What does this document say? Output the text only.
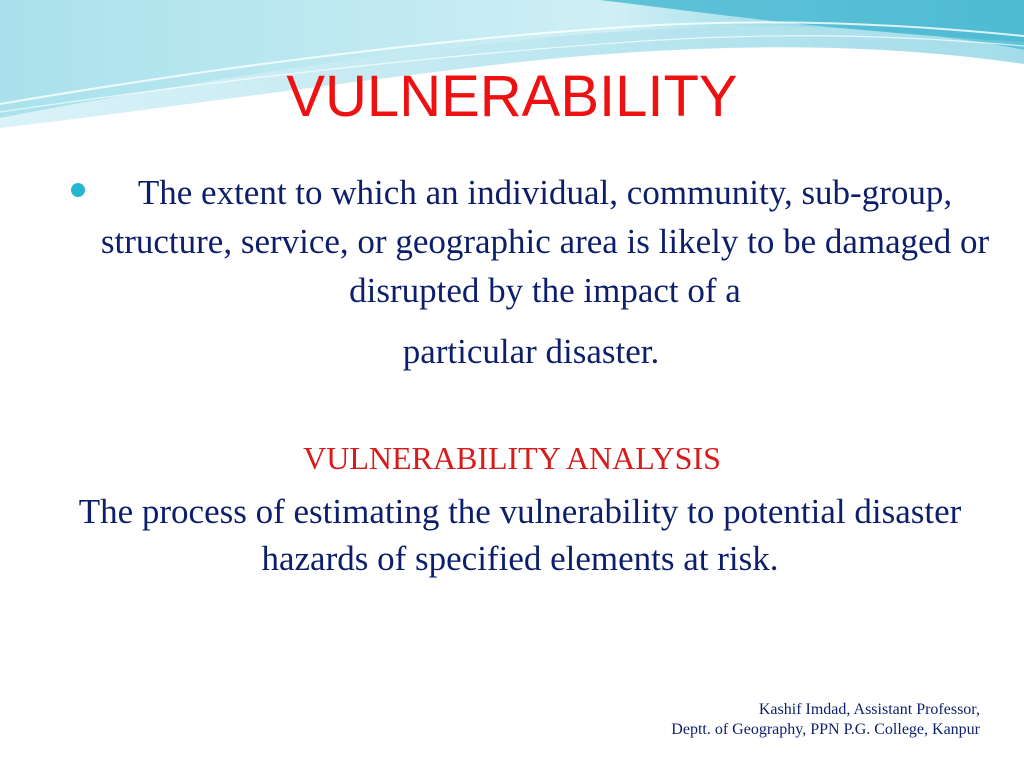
VULNERABILITY
The extent to which an individual, community, sub-group, structure, service, or geographic area is likely to be damaged or disrupted by the impact of a
particular disaster.
VULNERABILITY ANALYSIS
The process of estimating the vulnerability to potential disaster hazards of specified elements at risk.
Kashif Imdad, Assistant Professor,
Deptt. of Geography, PPN P.G. College, Kanpur
